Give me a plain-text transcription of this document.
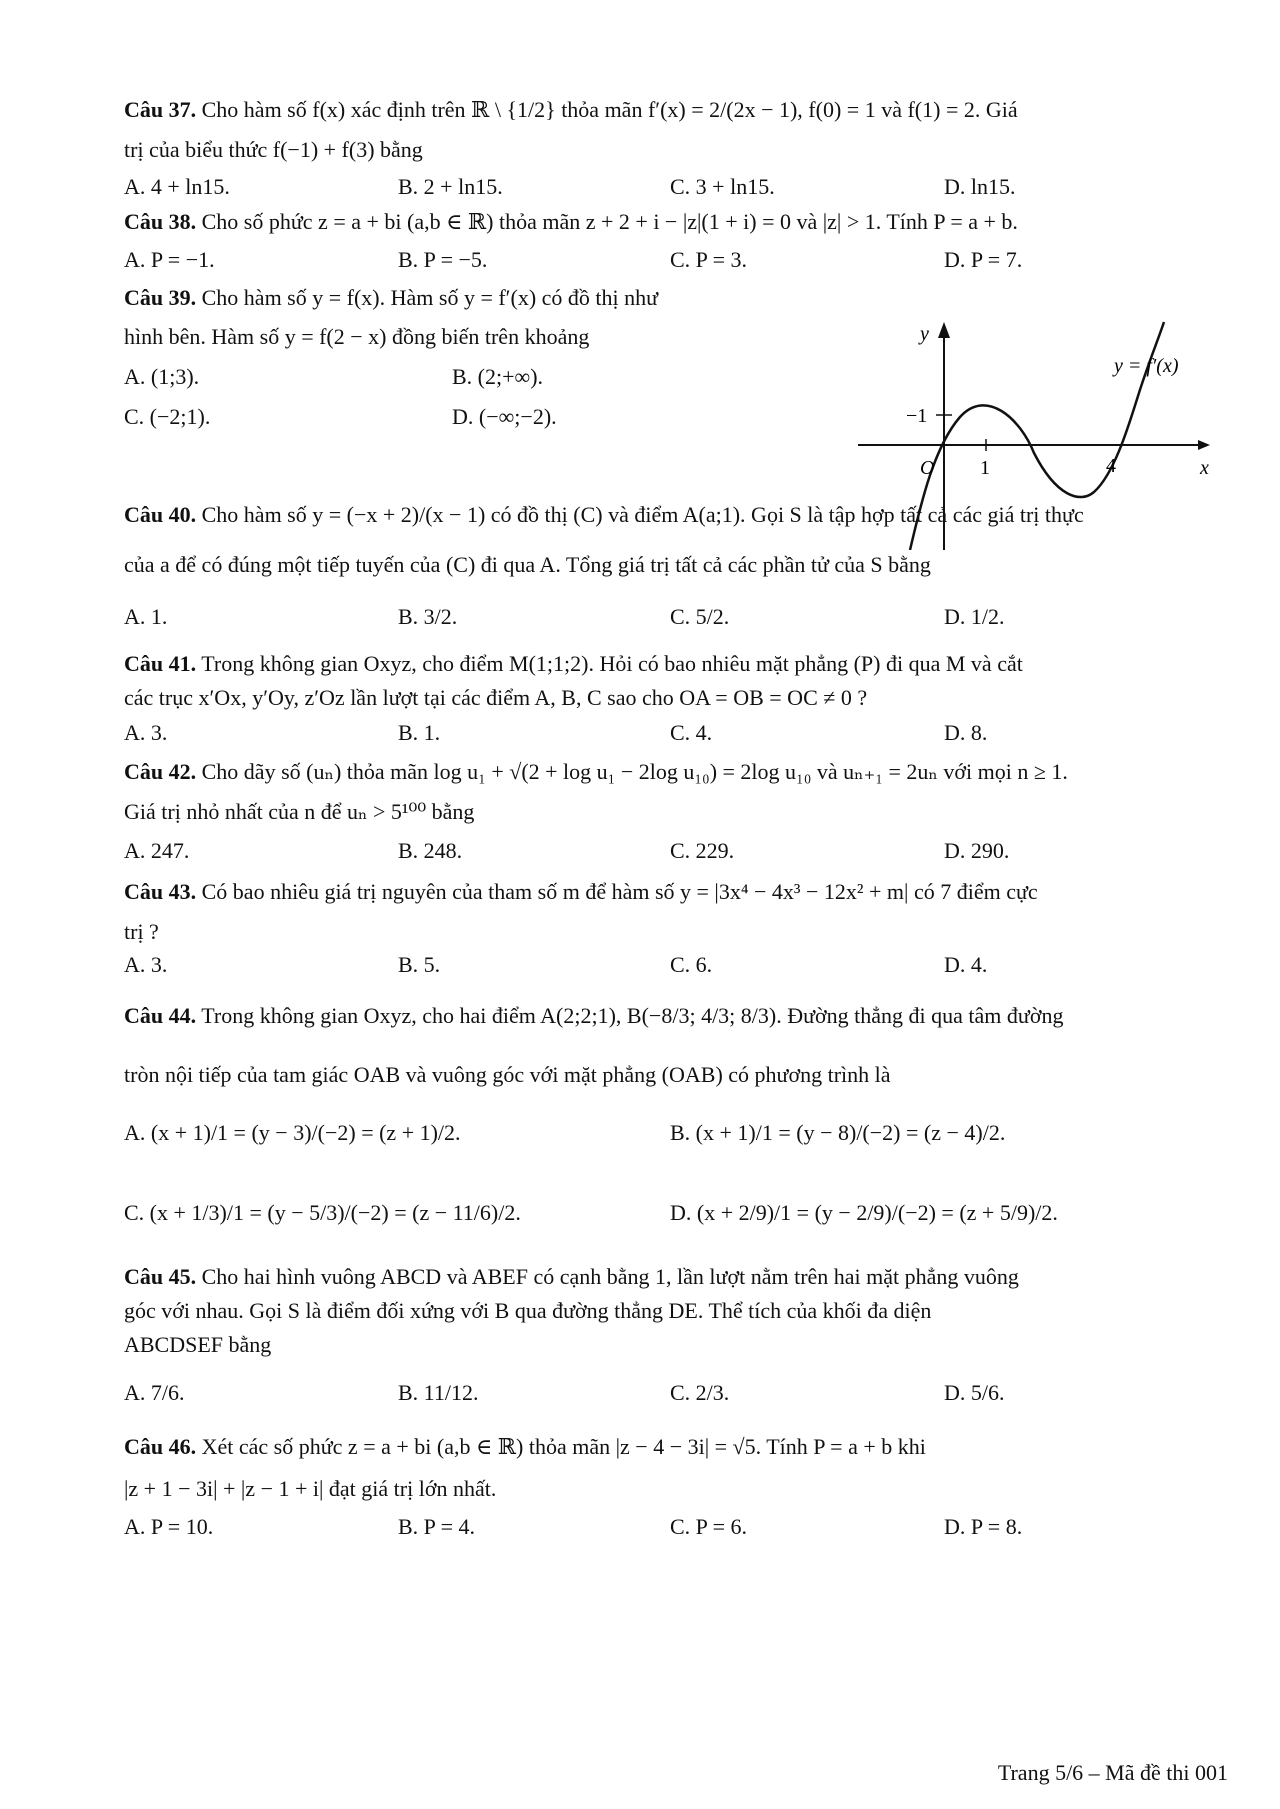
Câu 37. Cho hàm số f(x) xác định trên ℝ \ {1/2} thỏa mãn f′(x) = 2/(2x − 1), f(0) = 1 và f(1) = 2. Giá
trị của biểu thức f(−1) + f(3) bằng
A. 4 + ln15.	B. 2 + ln15.	C. 3 + ln15.	D. ln15.
Câu 38. Cho số phức z = a + bi (a,b ∈ ℝ) thỏa mãn z + 2 + i − |z|(1 + i) = 0 và |z| > 1. Tính P = a + b.
A. P = −1.	B. P = −5.	C. P = 3.	D. P = 7.
Câu 39. Cho hàm số y = f(x). Hàm số y = f′(x) có đồ thị như
hình bên. Hàm số y = f(2 − x) đồng biến trên khoảng
A. (1;3).	B. (2;+∞).
C. (−2;1).	D. (−∞;−2).
y
x
O
−1
1	4
y = f′(x)
Câu 40. Cho hàm số y = (−x + 2)/(x − 1) có đồ thị (C) và điểm A(a;1). Gọi S là tập hợp tất cả các giá trị thực
của a để có đúng một tiếp tuyến của (C) đi qua A. Tổng giá trị tất cả các phần tử của S bằng
A. 1.	B. 3/2.	C. 5/2.	D. 1/2.
Câu 41. Trong không gian Oxyz, cho điểm M(1;1;2). Hỏi có bao nhiêu mặt phẳng (P) đi qua M và cắt
các trục x′Ox, y′Oy, z′Oz lần lượt tại các điểm A, B, C sao cho OA = OB = OC ≠ 0 ?
A. 3.	B. 1.	C. 4.	D. 8.
Câu 42. Cho dãy số (uₙ) thỏa mãn log u₁ + √(2 + log u₁ − 2log u₁₀) = 2log u₁₀ và uₙ₊₁ = 2uₙ với mọi n ≥ 1.
Giá trị nhỏ nhất của n để uₙ > 5¹⁰⁰ bằng
A. 247.	B. 248.	C. 229.	D. 290.
Câu 43. Có bao nhiêu giá trị nguyên của tham số m để hàm số y = |3x⁴ − 4x³ − 12x² + m| có 7 điểm cực
trị ?
A. 3.	B. 5.	C. 6.	D. 4.
Câu 44. Trong không gian Oxyz, cho hai điểm A(2;2;1), B(−8/3; 4/3; 8/3). Đường thẳng đi qua tâm đường
tròn nội tiếp của tam giác OAB và vuông góc với mặt phẳng (OAB) có phương trình là
A. (x + 1)/1 = (y − 3)/(−2) = (z + 1)/2.	B. (x + 1)/1 = (y − 8)/(−2) = (z − 4)/2.
C. (x + 1/3)/1 = (y − 5/3)/(−2) = (z − 11/6)/2.	D. (x + 2/9)/1 = (y − 2/9)/(−2) = (z + 5/9)/2.
Câu 45. Cho hai hình vuông ABCD và ABEF có cạnh bằng 1, lần lượt nằm trên hai mặt phẳng vuông
góc với nhau. Gọi S là điểm đối xứng với B qua đường thẳng DE. Thể tích của khối đa diện
ABCDSEF bằng
A. 7/6.	B. 11/12.	C. 2/3.	D. 5/6.
Câu 46. Xét các số phức z = a + bi (a,b ∈ ℝ) thỏa mãn |z − 4 − 3i| = √5. Tính P = a + b khi
|z + 1 − 3i| + |z − 1 + i| đạt giá trị lớn nhất.
A. P = 10.	B. P = 4.	C. P = 6.	D. P = 8.
Trang 5/6 – Mã đề thi 001
